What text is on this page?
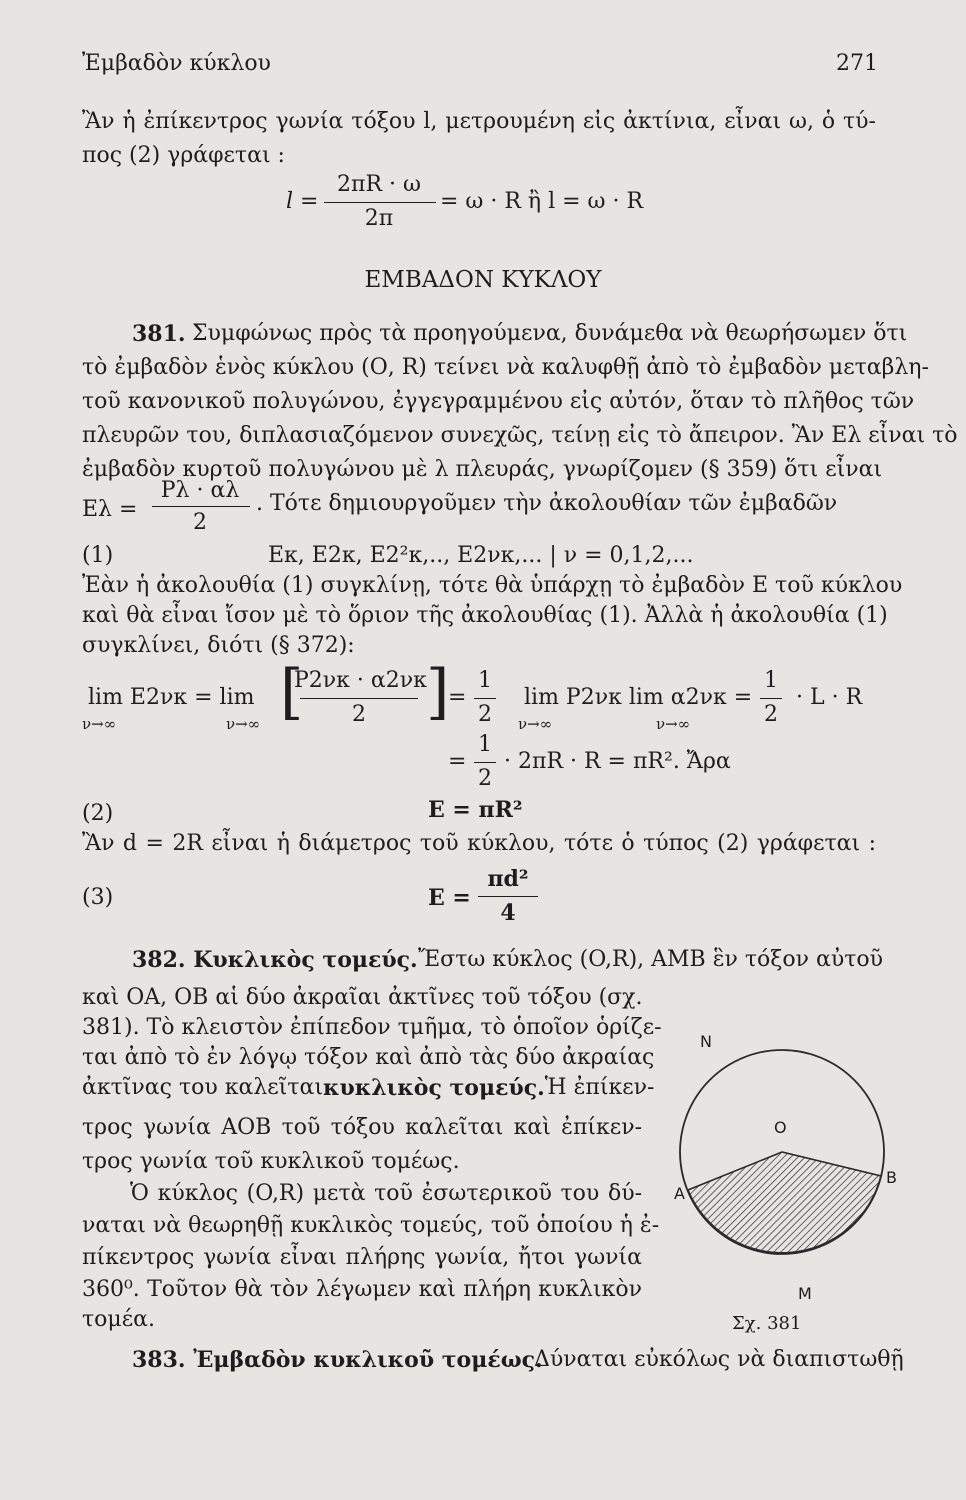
Ἐμβαδὸν κύκλου	271
Ἂν ἡ ἐπίκεντρος γωνία τόξου l, μετρουμένη εἰς ἀκτίνια, εἶναι ω, ὁ τύ-
πος (2) γράφεται :
l =
2πR · ω
2π
= ω · R ἢ l = ω · R
ΕΜΒΑΔΟΝ ΚΥΚΛΟΥ
381. Συμφώνως πρὸς τὰ προηγούμενα, δυνάμεθα νὰ θεωρήσωμεν ὅτι
τὸ ἐμβαδὸν ἑνὸς κύκλου (Ο, R) τείνει νὰ καλυφθῇ ἀπὸ τὸ ἐμβαδὸν μεταβλη-
τοῦ κανονικοῦ πολυγώνου, ἐγγεγραμμένου εἰς αὐτόν, ὅταν τὸ πλῆθος τῶν
πλευρῶν του, διπλασιαζόμενον συνεχῶς, τείνῃ εἰς τὸ ἄπειρον. Ἂν Eλ εἶναι τὸ
ἐμβαδὸν κυρτοῦ πολυγώνου μὲ λ πλευράς, γνωρίζομεν (§ 359) ὅτι εἶναι
Eλ =
Pλ · αλ
2
. Τότε δημιουργοῦμεν τὴν ἀκολουθίαν τῶν ἐμβαδῶν
(1)	Eκ, E2κ, E2²κ,.., E2νκ,... | ν = 0,1,2,...
Ἐὰν ἡ ἀκολουθία (1) συγκλίνῃ, τότε θὰ ὑπάρχῃ τὸ ἐμβαδὸν E τοῦ κύκλου
καὶ θὰ εἶναι ἴσον μὲ τὸ ὅριον τῆς ἀκολουθίας (1). Ἀλλὰ ἡ ἀκολουθία (1)
συγκλίνει, διότι (§ 372):
lim E2νκ = lim
ν→∞	ν→∞ [
P2νκ · α2νκ
2	]
=
1
2
lim P2νκ lim α2νκ =
ν→∞	ν→∞
1
2
· L · R
=
1
2
· 2πR · R = πR². Ἄρα
(2)	E = πR²
Ἂν d = 2R εἶναι ἡ διάμετρος τοῦ κύκλου, τότε ὁ τύπος (2) γράφεται :
(3)	E =
πd²
4
382. Κυκλικὸς τομεύς. Ἔστω κύκλος (O,R), AMB ἓν τόξον αὐτοῦ
καὶ OA, OB αἱ δύο ἀκραῖαι ἀκτῖνες τοῦ τόξου (σχ.
381). Τὸ κλειστὸν ἐπίπεδον τμῆμα, τὸ ὁποῖον ὁρίζε-
ται ἀπὸ τὸ ἐν λόγῳ τόξον καὶ ἀπὸ τὰς δύο ἀκραίας
ἀκτῖνας του καλεῖται κυκλικὸς τομεύς. Ἡ ἐπίκεν-
τρος γωνία AOB τοῦ τόξου καλεῖται καὶ ἐπίκεν-
τρος γωνία τοῦ κυκλικοῦ τομέως.
Ὁ κύκλος (O,R) μετὰ τοῦ ἐσωτερικοῦ του δύ-
ναται νὰ θεωρηθῇ κυκλικὸς τομεύς, τοῦ ὁποίου ἡ ἐ-
πίκεντρος γωνία εἶναι πλήρης γωνία, ἤτοι γωνία
360⁰. Τοῦτον θὰ τὸν λέγωμεν καὶ πλήρη κυκλικὸν
τομέα.
383. Ἐμβαδὸν κυκλικοῦ τομέως.
Δύναται εὐκόλως νὰ διαπιστωθῇ
N
O
A
B
M
Σχ. 381
